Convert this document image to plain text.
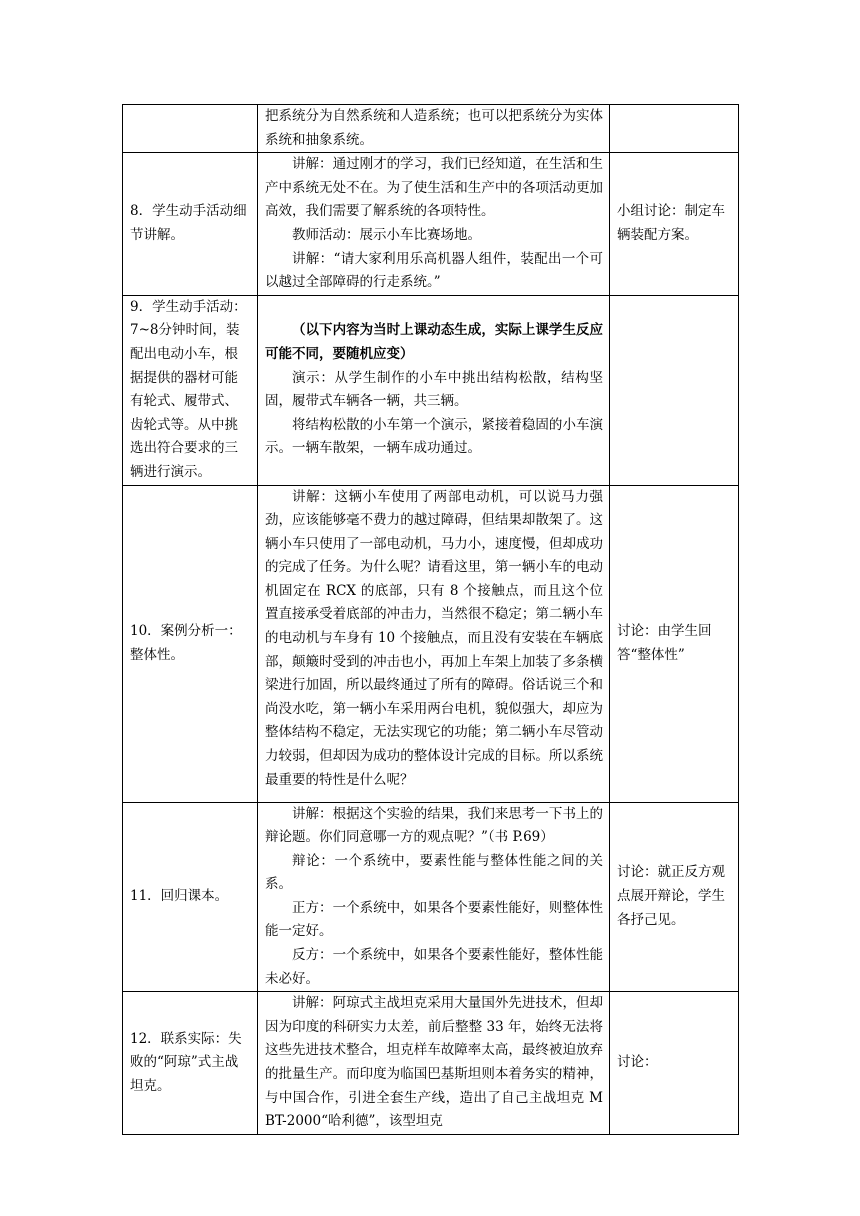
	把系统分为自然系统和人造系统；也可以把系统分为实体系统和抽象系统。	

8．学生动手活动细节讲解。	讲解：通过刚才的学习，我们已经知道，在生活和生产中系统无处不在。为了使生活和生产中的各项活动更加高效，我们需要了解系统的各项特性。

教师活动：展示小车比赛场地。

讲解：“请大家利用乐高机器人组件，装配出一个可以越过全部障碍的行走系统。”	小组讨论：制定车辆装配方案。
9．学生动手活动：7~8分钟时间，装配出电动小车，根据提供的器材可能有轮式、履带式、齿轮式等。从中挑选出符合要求的三辆进行演示。	（以下内容为当时上课动态生成，实际上课学生反应可能不同，要随机应变）

演示：从学生制作的小车中挑出结构松散，结构坚固，履带式车辆各一辆，共三辆。

将结构松散的小车第一个演示，紧接着稳固的小车演示。一辆车散架，一辆车成功通过。	

10．案例分析一：整体性。	讲解：这辆小车使用了两部电动机，可以说马力强劲，应该能够毫不费力的越过障碍，但结果却散架了。这辆小车只使用了一部电动机，马力小，速度慢，但却成功的完成了任务。为什么呢？请看这里，第一辆小车的电动机固定在 RCX 的底部，只有 8 个接触点，而且这个位置直接承受着底部的冲击力，当然很不稳定；第二辆小车的电动机与车身有 10 个接触点，而且没有安装在车辆底部，颠簸时受到的冲击也小，再加上车架上加装了多条横梁进行加固，所以最终通过了所有的障碍。俗话说三个和尚没水吃，第一辆小车采用两台电机，貌似强大，却应为整体结构不稳定，无法实现它的功能；第二辆小车尽管动力较弱，但却因为成功的整体设计完成的目标。所以系统最重要的特性是什么呢？	讨论：由学生回答“整体性”
11．回归课本。	讲解：根据这个实验的结果，我们来思考一下书上的辩论题。你们同意哪一方的观点呢？”（书 P.69）

辩论：一个系统中，要素性能与整体性能之间的关系。

正方：一个系统中，如果各个要素性能好，则整体性能一定好。

反方：一个系统中，如果各个要素性能好，整体性能未必好。	讨论：就正反方观点展开辩论，学生各抒己见。
12．联系实际：失败的“阿琼”式主战坦克。	讲解：阿琼式主战坦克采用大量国外先进技术，但却因为印度的科研实力太差，前后整整 33 年，始终无法将这些先进技术整合，坦克样车故障率太高，最终被迫放弃的批量生产。而印度为临国巴基斯坦则本着务实的精神，与中国合作，引进全套生产线，造出了自己主战坦克 MBT-2000“哈利德”，该型坦克	讨论：
